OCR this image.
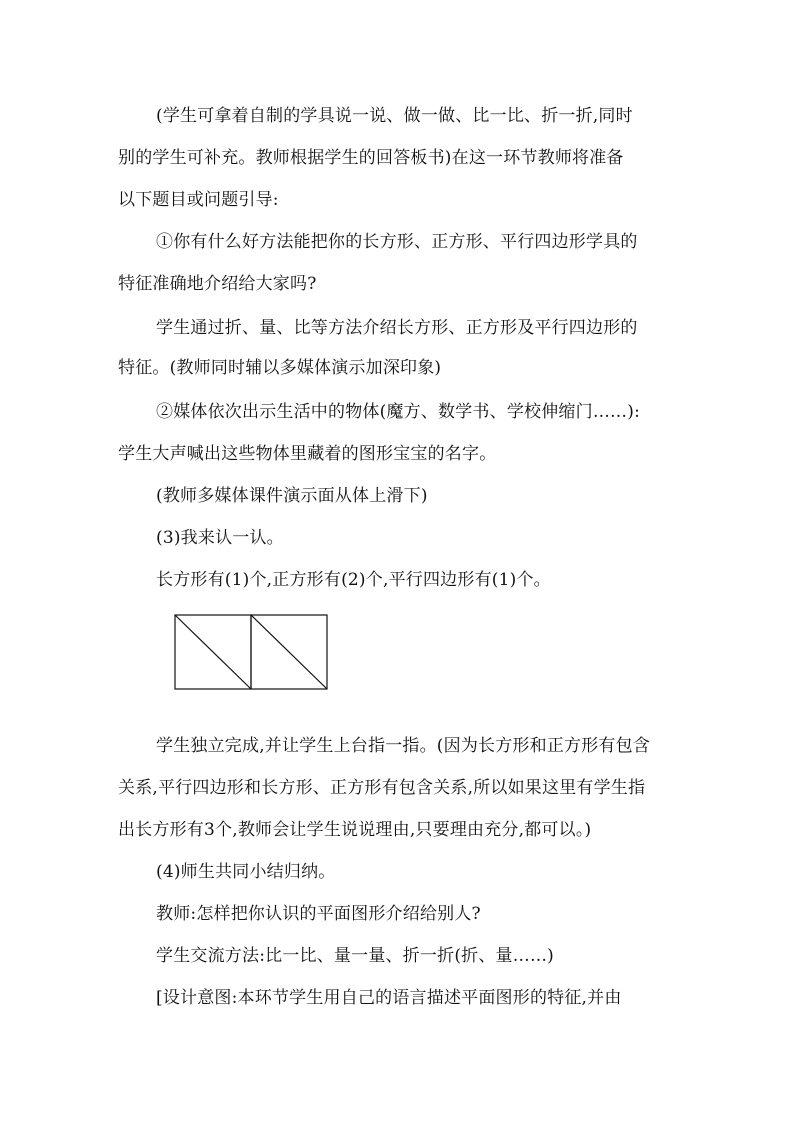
(学生可拿着自制的学具说一说、做一做、比一比、折一折,同时
别的学生可补充。教师根据学生的回答板书)在这一环节教师将准备
以下题目或问题引导:
①你有什么好方法能把你的长方形、正方形、平行四边形学具的
特征准确地介绍给大家吗?
学生通过折、量、比等方法介绍长方形、正方形及平行四边形的
特征。(教师同时辅以多媒体演示加深印象)
②媒体依次出示生活中的物体(魔方、数学书、学校伸缩门……):
学生大声喊出这些物体里藏着的图形宝宝的名字。
(教师多媒体课件演示面从体上滑下)
(3)我来认一认。
长方形有(1)个,正方形有(2)个,平行四边形有(1)个。
学生独立完成,并让学生上台指一指。(因为长方形和正方形有包含
关系,平行四边形和长方形、正方形有包含关系,所以如果这里有学生指
出长方形有3个,教师会让学生说说理由,只要理由充分,都可以。)
(4)师生共同小结归纳。
教师:怎样把你认识的平面图形介绍给别人?
学生交流方法:比一比、量一量、折一折(折、量……)
[设计意图:本环节学生用自己的语言描述平面图形的特征,并由
